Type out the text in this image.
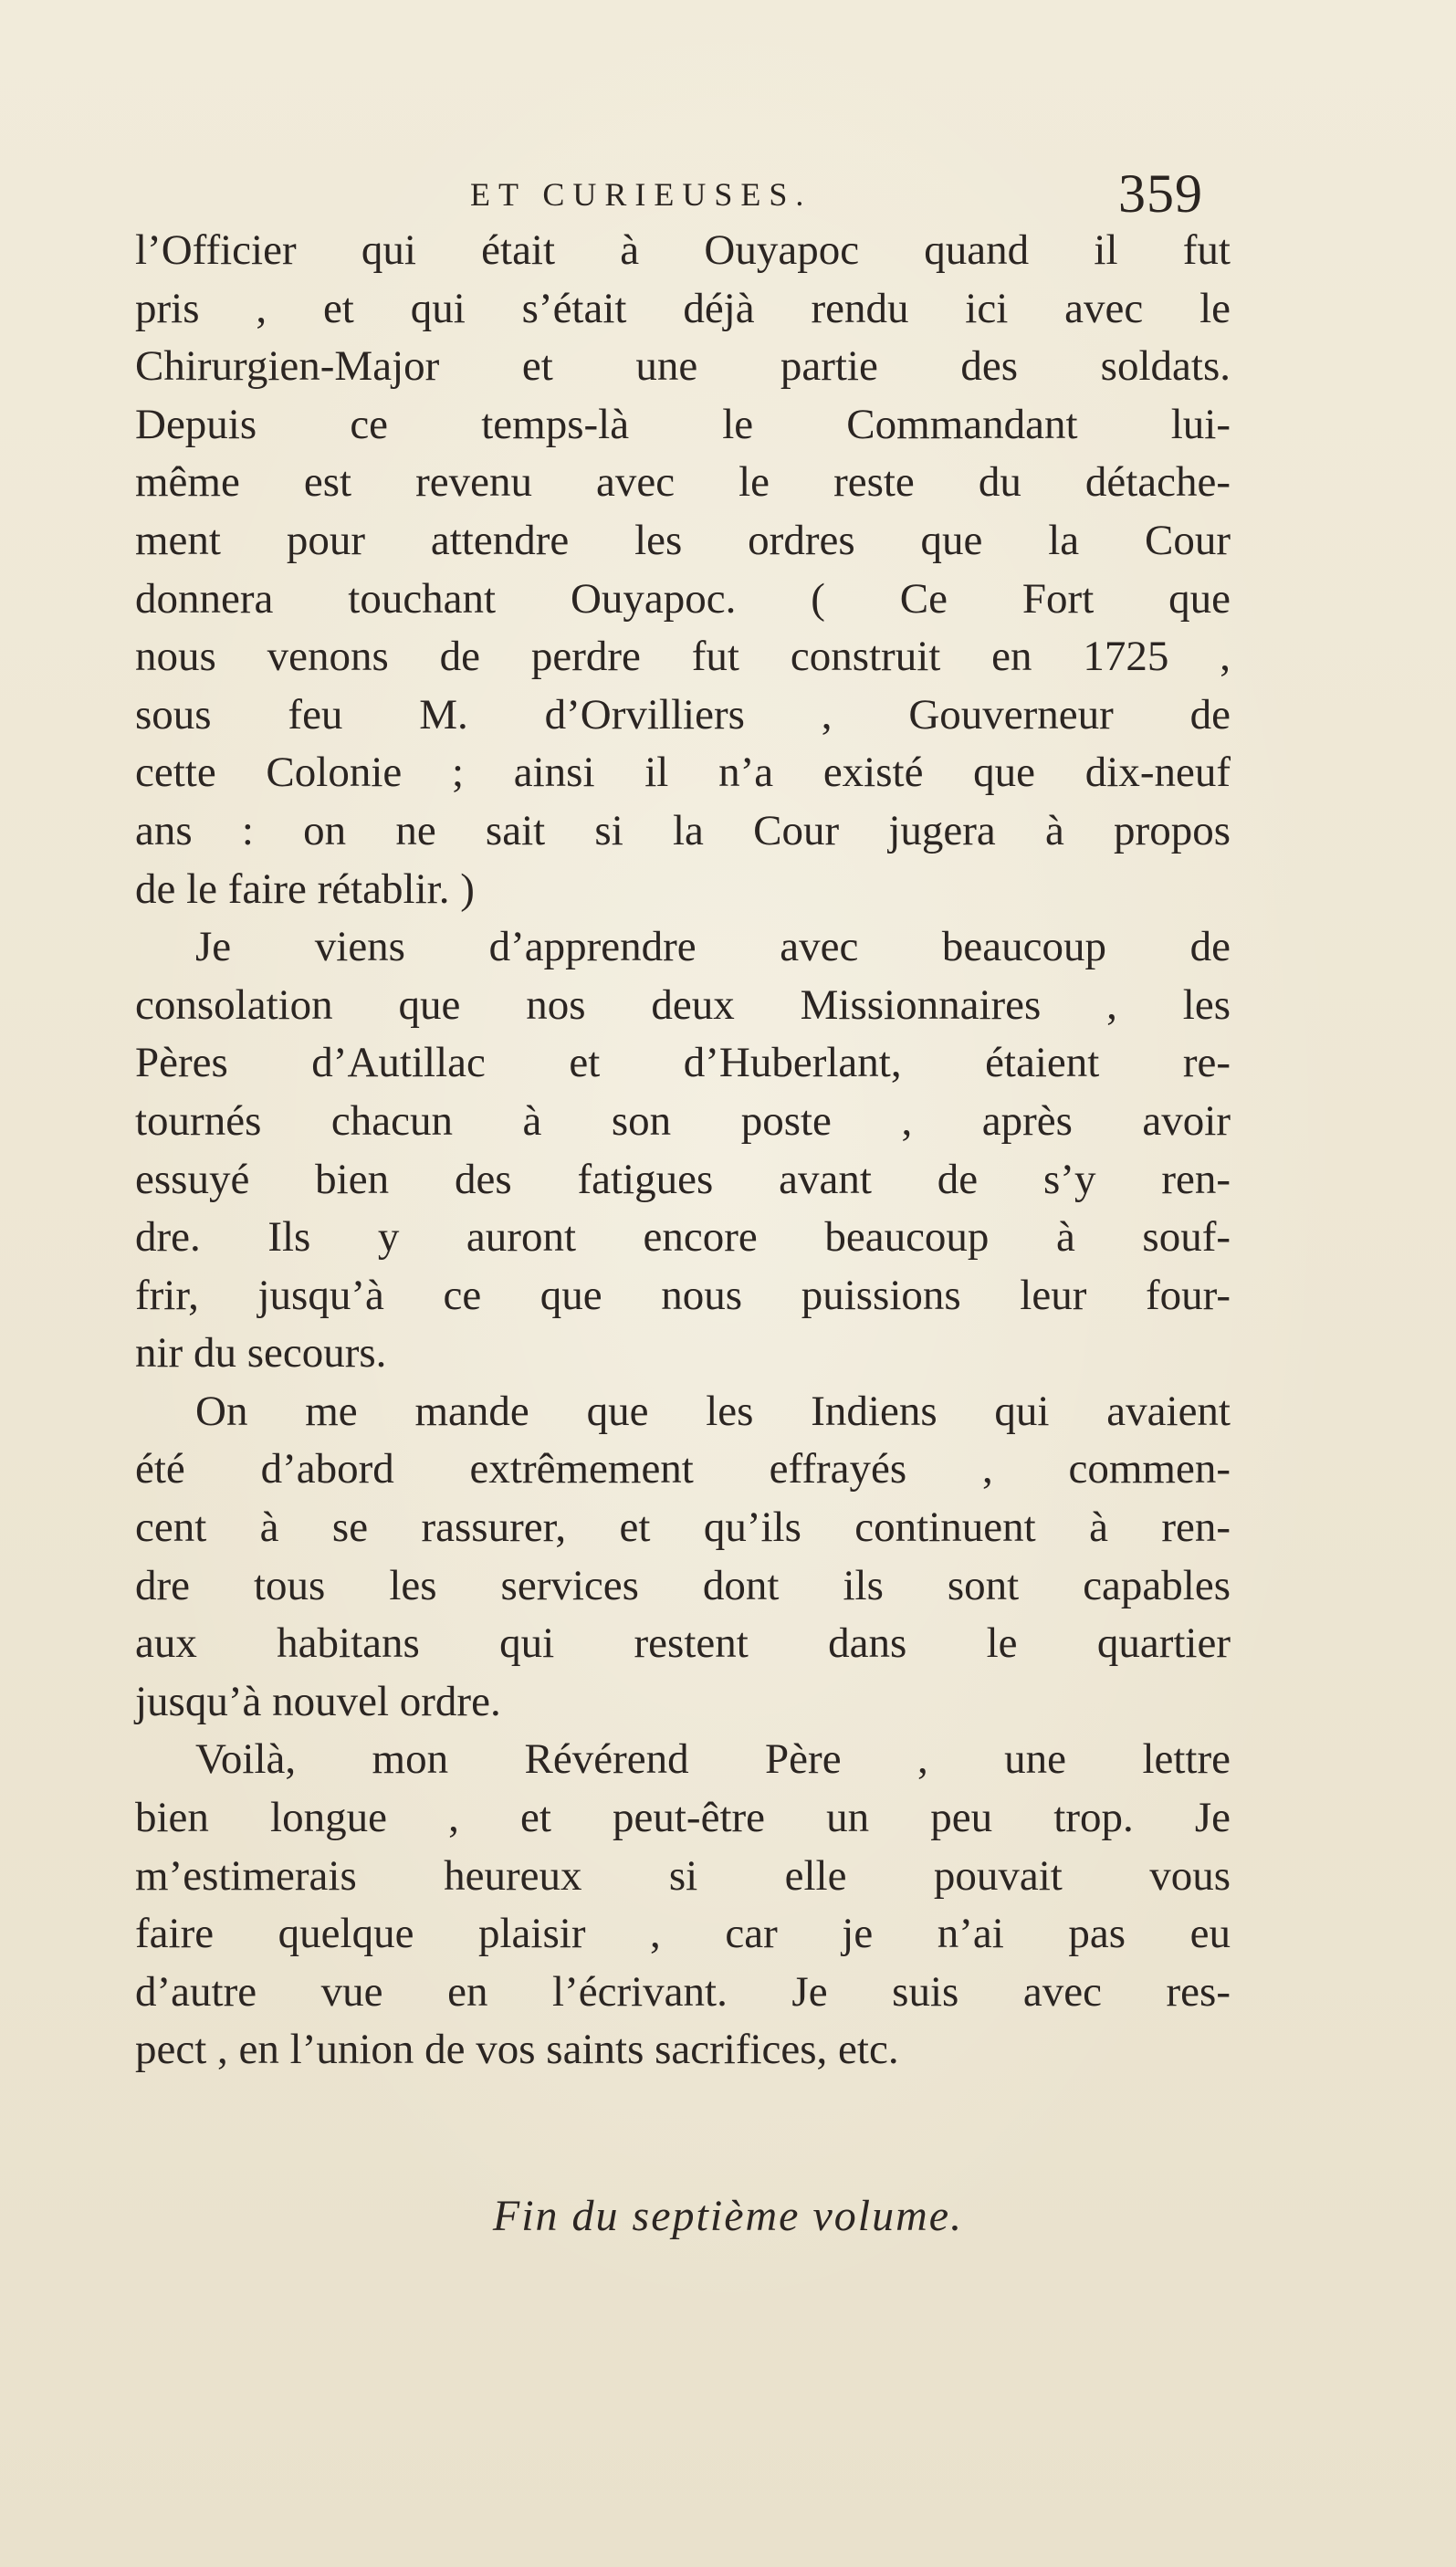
ET CURIEUSES.	359
l’Officier qui était à Ouyapoc quand il fut
pris , et qui s’était déjà rendu ici avec le
Chirurgien-Major et une partie des soldats.
Depuis ce temps-là le Commandant lui-
même est revenu avec le reste du détache-
ment pour attendre les ordres que la Cour
donnera touchant Ouyapoc. ( Ce Fort que
nous venons de perdre fut construit en 1725 ,
sous feu M. d’Orvilliers , Gouverneur de
cette Colonie ; ainsi il n’a existé que dix-neuf
ans : on ne sait si la Cour jugera à propos
de le faire rétablir. )
Je viens d’apprendre avec beaucoup de
consolation que nos deux Missionnaires , les
Pères d’Autillac et d’Huberlant, étaient re-
tournés chacun à son poste , après avoir
essuyé bien des fatigues avant de s’y ren-
dre. Ils y auront encore beaucoup à souf-
frir, jusqu’à ce que nous puissions leur four-
nir du secours.
On me mande que les Indiens qui avaient
été d’abord extrêmement effrayés , commen-
cent à se rassurer, et qu’ils continuent à ren-
dre tous les services dont ils sont capables
aux habitans qui restent dans le quartier
jusqu’à nouvel ordre.
Voilà, mon Révérend Père , une lettre
bien longue , et peut-être un peu trop. Je
m’estimerais heureux si elle pouvait vous
faire quelque plaisir , car je n’ai pas eu
d’autre vue en l’écrivant. Je suis avec res-
pect , en l’union de vos saints sacrifices, etc.
Fin du septième volume.
